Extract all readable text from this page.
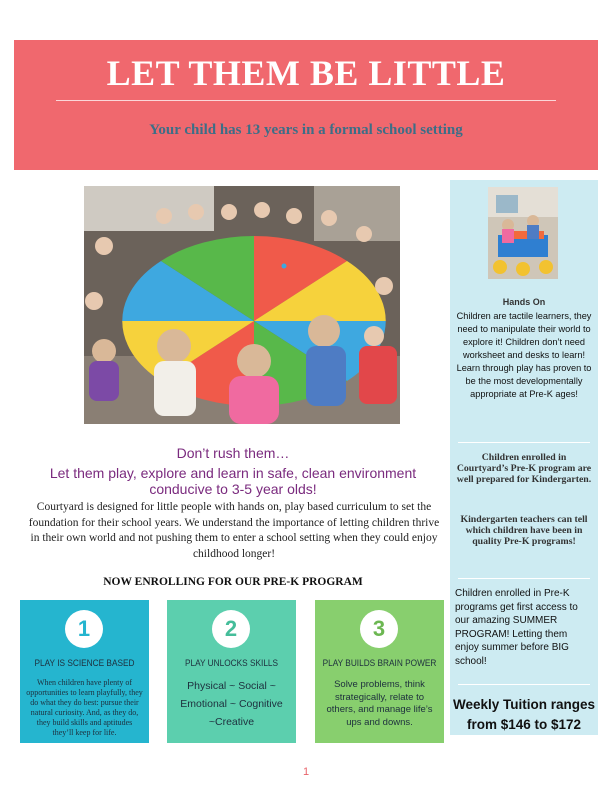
LET THEM BE LITTLE
Your child has 13 years in a formal school setting
Don’t rush them…
Let them play, explore and learn in safe, clean environment conducive to 3-5 year olds!
Courtyard is designed for little people with hands on, play based curriculum to set the foundation for their school years. We understand the importance of letting children thrive in their own world and not pushing them to enter a school setting when they could enjoy childhood longer!
NOW ENROLLING FOR OUR PRE-K PROGRAM
1
PLAY IS SCIENCE BASED
When children have plenty of opportunities to learn playfully, they do what they do best: pursue their natural curiosity. And, as they do, they build skills and aptitudes they’ll keep for life.
2
PLAY UNLOCKS SKILLS
Physical ~ Social ~ Emotional ~ Cognitive ~Creative
3
PLAY BUILDS BRAIN POWER
Solve problems, think strategically, relate to others, and manage life’s ups and downs.
Hands On
Children are tactile learners, they need to manipulate their world to explore it! Children don’t need worksheet and desks to learn! Learn through play has proven to be the most developmentally appropriate at Pre-K ages!
Children enrolled in Courtyard’s Pre-K program are well prepared for Kindergarten.
Kindergarten teachers can tell which children have been in quality Pre-K programs!
Children enrolled in Pre-K programs get first access to our amazing SUMMER PROGRAM! Letting them enjoy summer before BIG school!
Weekly Tuition ranges from $146 to $172
1
